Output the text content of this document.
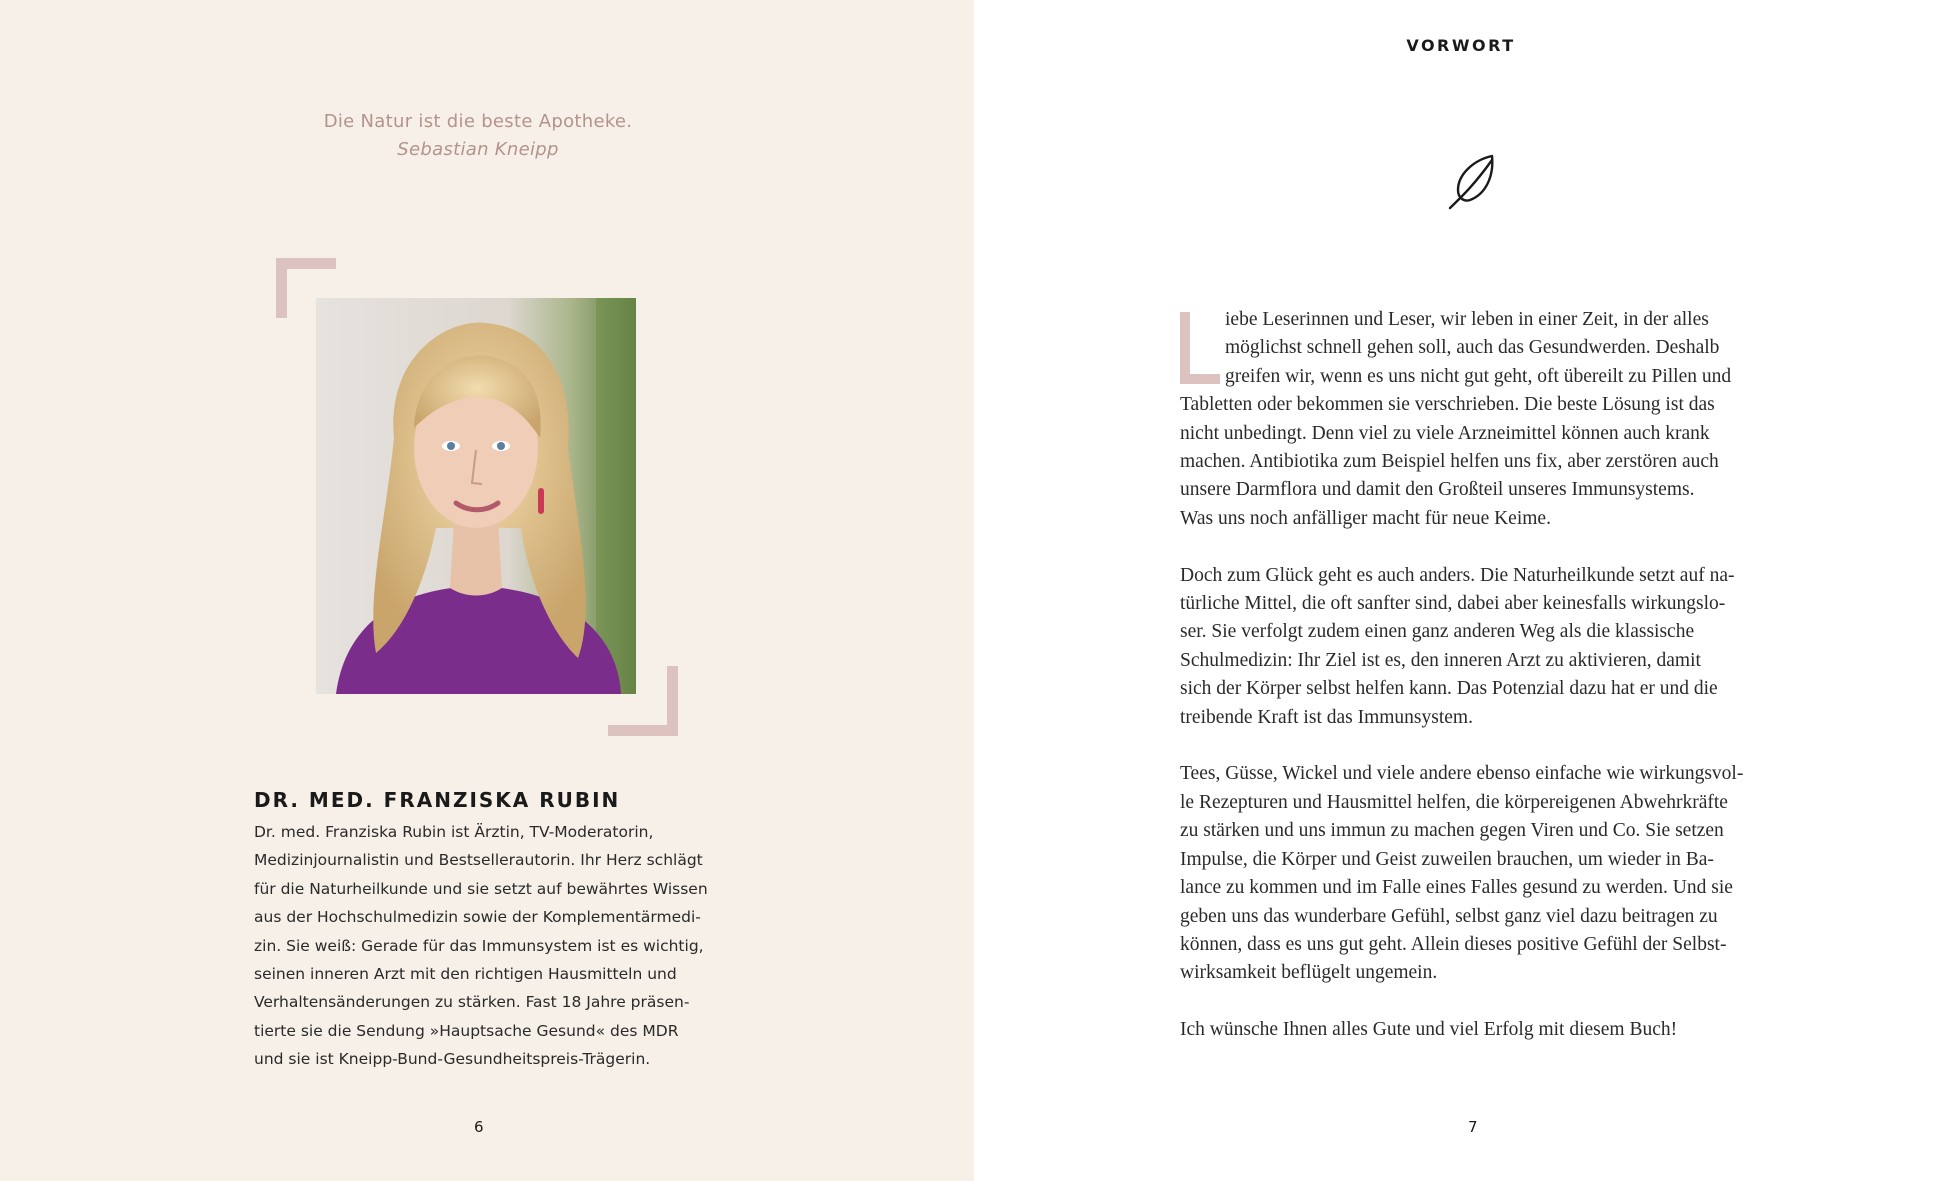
Die Natur ist die beste Apotheke.
Sebastian Kneipp
DR. MED. FRANZISKA RUBIN

Dr. med. Franziska Rubin ist Ärztin, TV-Moderatorin,
Medizinjournalistin und Bestsellerautorin. Ihr Herz schlägt
für die Naturheilkunde und sie setzt auf bewährtes Wissen
aus der Hochschulmedizin sowie der Komplementärmedi-
zin. Sie weiß: Gerade für das Immunsystem ist es wichtig,
seinen inneren Arzt mit den richtigen Hausmitteln und
Verhaltensänderungen zu stärken. Fast 18 Jahre präsen-
tierte sie die Sendung »Hauptsache Gesund« des MDR
und sie ist Kneipp-Bund-Gesundheitspreis-Trägerin.

6
VORWORT

iebe Leserinnen und Leser, wir leben in einer Zeit, in der alles
möglichst schnell gehen soll, auch das Gesundwerden. Deshalb
greifen wir, wenn es uns nicht gut geht, oft übereilt zu Pillen und
Tabletten oder bekommen sie verschrieben. Die beste Lösung ist das
nicht unbedingt. Denn viel zu viele Arzneimittel können auch krank
machen. Antibiotika zum Beispiel helfen uns fix, aber zerstören auch
unsere Darmflora und damit den Großteil unseres Immunsystems.
Was uns noch anfälliger macht für neue Keime.
Doch zum Glück geht es auch anders. Die Naturheilkunde setzt auf na-
türliche Mittel, die oft sanfter sind, dabei aber keinesfalls wirkungslo-
ser. Sie verfolgt zudem einen ganz anderen Weg als die klassische
Schulmedizin: Ihr Ziel ist es, den inneren Arzt zu aktivieren, damit
sich der Körper selbst helfen kann. Das Potenzial dazu hat er und die
treibende Kraft ist das Immunsystem.
Tees, Güsse, Wickel und viele andere ebenso einfache wie wirkungsvol-
le Rezepturen und Hausmittel helfen, die körpereigenen Abwehrkräfte
zu stärken und uns immun zu machen gegen Viren und Co. Sie setzen
Impulse, die Körper und Geist zuweilen brauchen, um wieder in Ba-
lance zu kommen und im Falle eines Falles gesund zu werden. Und sie
geben uns das wunderbare Gefühl, selbst ganz viel dazu beitragen zu
können, dass es uns gut geht. Allein dieses positive Gefühl der Selbst-
wirksamkeit beflügelt ungemein.
Ich wünsche Ihnen alles Gute und viel Erfolg mit diesem Buch!

7
